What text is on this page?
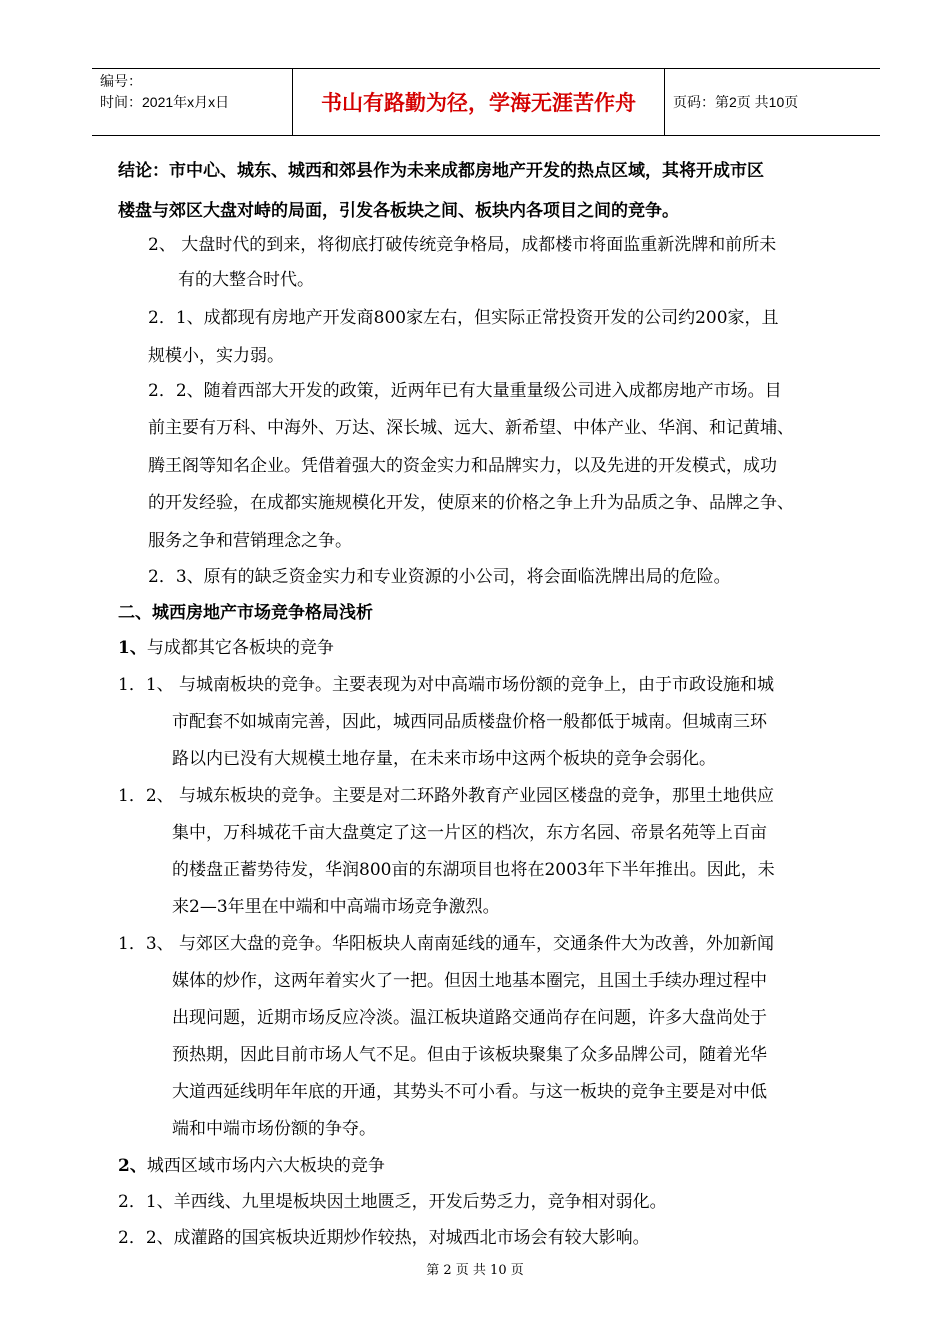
编号：
时间：2021年x月x日	书山有路勤为径，学海无涯苦作舟	页码：第2页 共10页
结论：市中心、城东、城西和郊县作为未来成都房地产开发的热点区域，其将开成市区
楼盘与郊区大盘对峙的局面，引发各板块之间、板块内各项目之间的竞争。
2、 大盘时代的到来，将彻底打破传统竞争格局，成都楼市将面监重新洗牌和前所未
有的大整合时代。
2．1、成都现有房地产开发商800家左右，但实际正常投资开发的公司约200家，且
规模小，实力弱。
2．2、随着西部大开发的政策，近两年已有大量重量级公司进入成都房地产市场。目
前主要有万科、中海外、万达、深长城、远大、新希望、中体产业、华润、和记黄埔、
腾王阁等知名企业。凭借着强大的资金实力和品牌实力，以及先进的开发模式，成功
的开发经验，在成都实施规模化开发，使原来的价格之争上升为品质之争、品牌之争、
服务之争和营销理念之争。
2．3、原有的缺乏资金实力和专业资源的小公司，将会面临洗牌出局的危险。
二、城西房地产市场竞争格局浅析
1、与成都其它各板块的竞争
1．1、 与城南板块的竞争。主要表现为对中高端市场份额的竞争上，由于市政设施和城
市配套不如城南完善，因此，城西同品质楼盘价格一般都低于城南。但城南三环
路以内已没有大规模土地存量，在未来市场中这两个板块的竞争会弱化。
1．2、 与城东板块的竞争。主要是对二环路外教育产业园区楼盘的竞争，那里土地供应
集中，万科城花千亩大盘奠定了这一片区的档次，东方名园、帝景名苑等上百亩
的楼盘正蓄势待发，华润800亩的东湖项目也将在2003年下半年推出。因此，未
来2—3年里在中端和中高端市场竞争激烈。
1．3、 与郊区大盘的竞争。华阳板块人南南延线的通车，交通条件大为改善，外加新闻
媒体的炒作，这两年着实火了一把。但因土地基本圈完，且国土手续办理过程中
出现问题，近期市场反应冷淡。温江板块道路交通尚存在问题，许多大盘尚处于
预热期，因此目前市场人气不足。但由于该板块聚集了众多品牌公司，随着光华
大道西延线明年年底的开通，其势头不可小看。与这一板块的竞争主要是对中低
端和中端市场份额的争夺。
2、城西区域市场内六大板块的竞争
2．1、羊西线、九里堤板块因土地匮乏，开发后势乏力，竞争相对弱化。
2．2、成灌路的国宾板块近期炒作较热，对城西北市场会有较大影响。
第 2 页 共 10 页
